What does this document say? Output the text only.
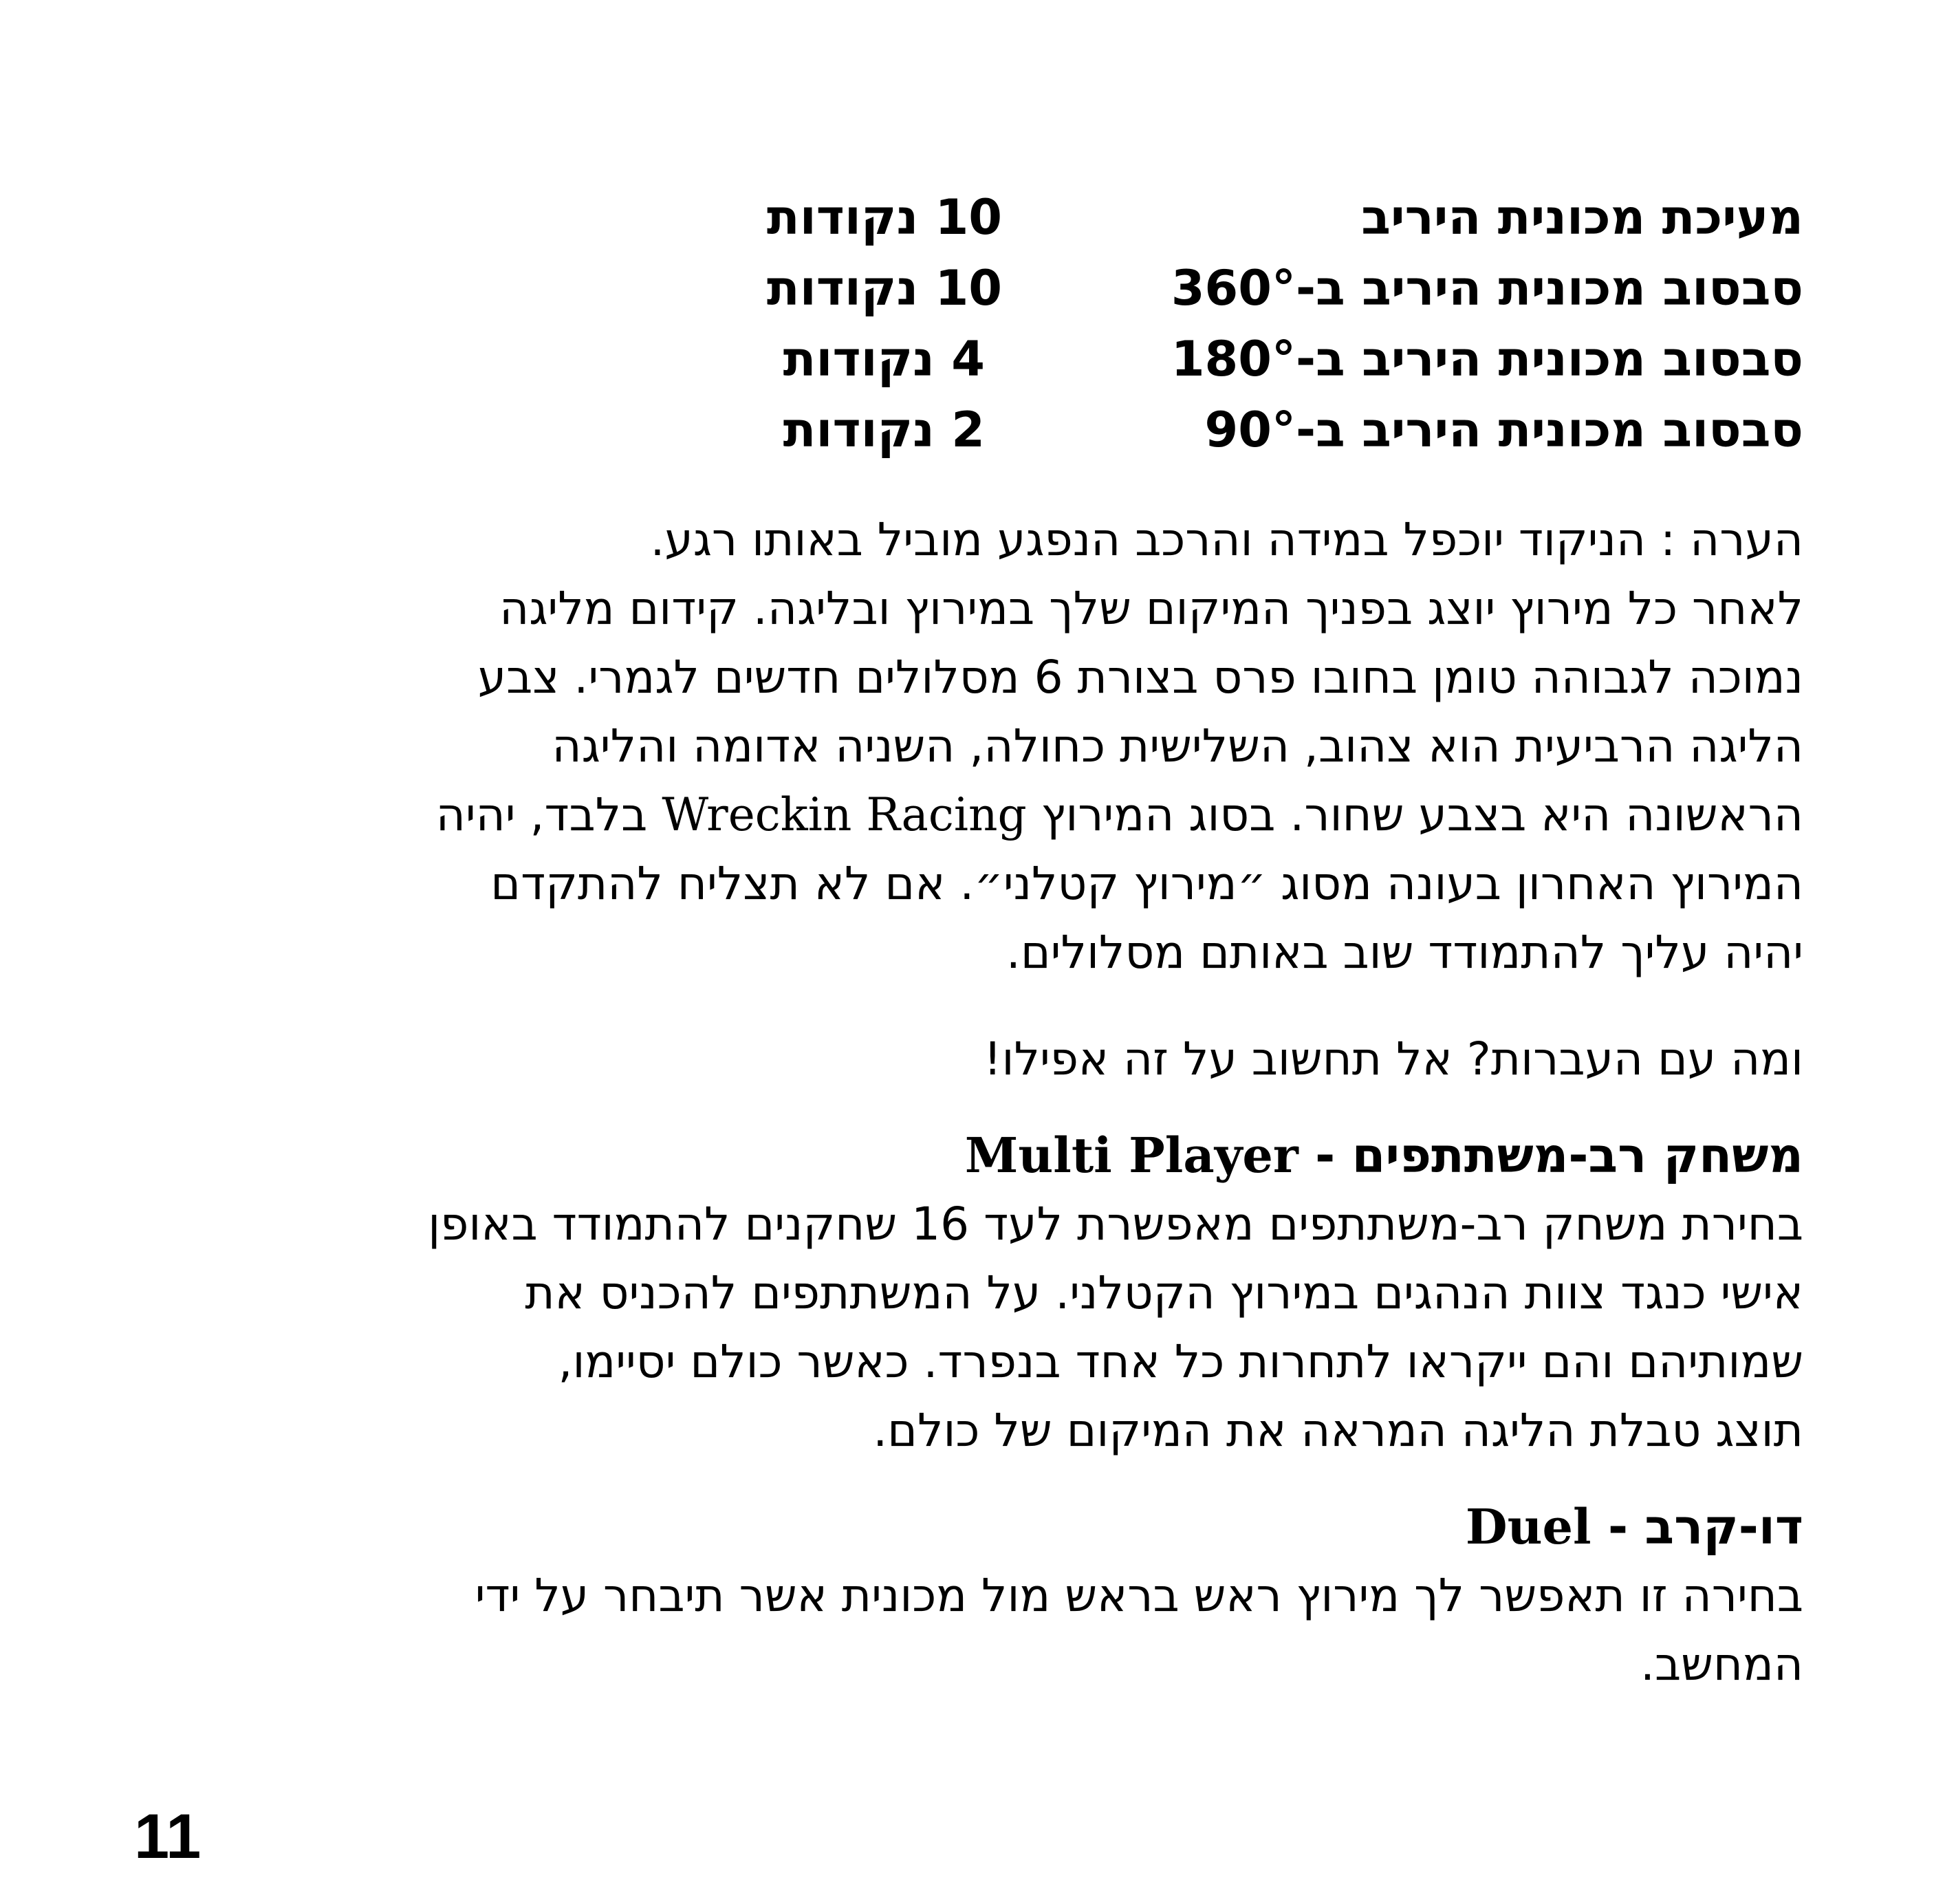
מעיכת מכונית היריב
10 נקודות
סבסוב מכונית היריב ב-360°
10 נקודות
סבסוב מכונית היריב ב-180°
4 נקודות
סבסוב מכונית היריב ב-90°
2 נקודות

הערה : הניקוד יוכפל במידה והרכב הנפגע מוביל באותו רגע.

לאחר כל מירוץ יוצג בפניך המיקום שלך במירוץ ובליגה. קידום מליגה

נמוכה לגבוהה טומן בחובו פרס בצורת 6 מסלולים חדשים לגמרי. צבע

הליגה הרביעית הוא צהוב, השלישית כחולה, השניה אדומה והליגה

הראשונה היא בצבע שחור. בסוג המירוץ Wreckin Racing בלבד, יהיה

המירוץ האחרון בעונה מסוג ״מירוץ קטלני״. אם לא תצליח להתקדם

יהיה עליך להתמודד שוב באותם מסלולים.

ומה עם העברות? אל תחשוב על זה אפילו!

משחק רב-משתתפים - Multi Player

בחירת משחק רב-משתתפים מאפשרת לעד 16 שחקנים להתמודד באופן
אישי כנגד צוות הנהגים במירוץ הקטלני. על המשתתפים להכניס את
שמותיהם והם ייקראו לתחרות כל אחד בנפרד. כאשר כולם יסיימו,
תוצג טבלת הליגה המראה את המיקום של כולם.

דו-קרב - Duel

בחירה זו תאפשר לך מירוץ ראש בראש מול מכונית אשר תיבחר על ידי
המחשב.

11
